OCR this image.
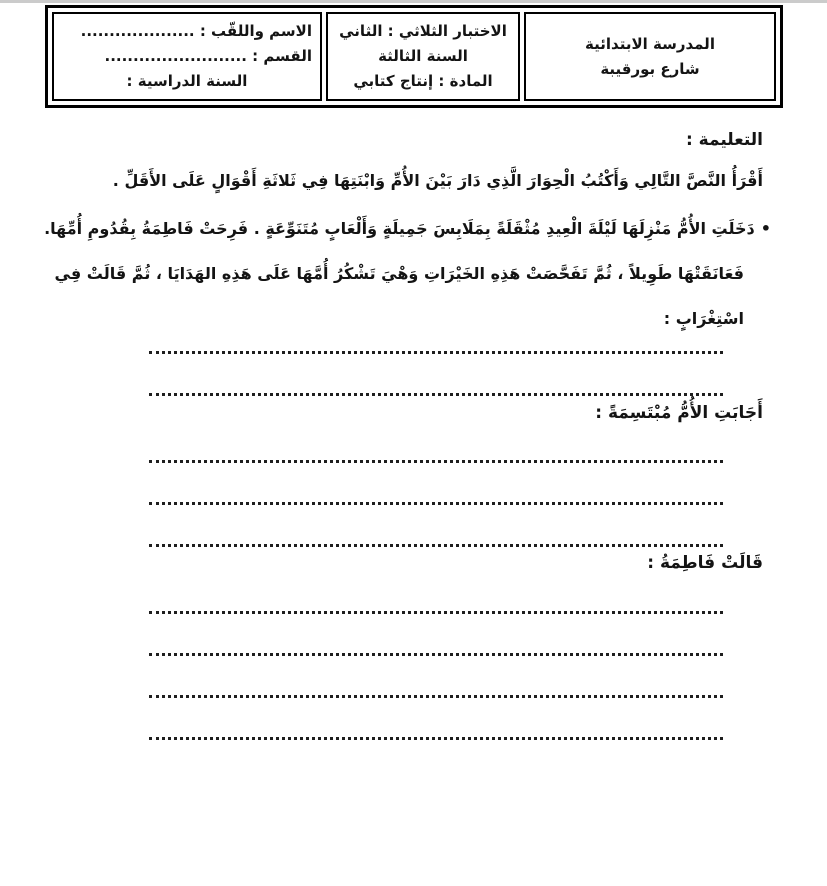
المدرسة الابتدائية
شارع بورقيبة
الاختبار الثلاثي : الثاني
السنة الثالثة
المادة : إنتاج كتابي
الاسم واللقّب : ....................
القسم : .........................
السنة الدراسية :
التعليمة :
أَقْرَأُ النَّصَّ التَّالِي وَأَكْتُبُ الْحِوَارَ الَّذِي دَارَ بَيْنَ الأُمِّ وَابْنَتِهَا فِي ثَلاثَةِ أَقْوَالٍ عَلَى الأَقَلِّ .
•دَخَلَتِ الأُمُّ مَنْزِلَهَا لَيْلَةَ الْعِيدِ مُثْقَلَةً بِمَلَابِسَ جَمِيلَةٍ وَأَلْعَابٍ مُتَنَوِّعَةٍ . فَرِحَتْ فَاطِمَةُ بِقُدُومِ أُمِّهَا.
فَعَانَقَتْهَا طَوِيلاً ، ثُمَّ تَفَحَّصَتْ هَذِهِ الخَيْرَاتِ وَهْيَ تَشْكُرُ أُمَّهَا عَلَى هَذِهِ الهَدَايَا ، ثُمَّ قَالَتْ فِي
اسْتِغْرَابٍ :
أَجَابَتِ الأُمُّ مُبْتَسِمَةً :
قَالَتْ فَاطِمَةُ :
